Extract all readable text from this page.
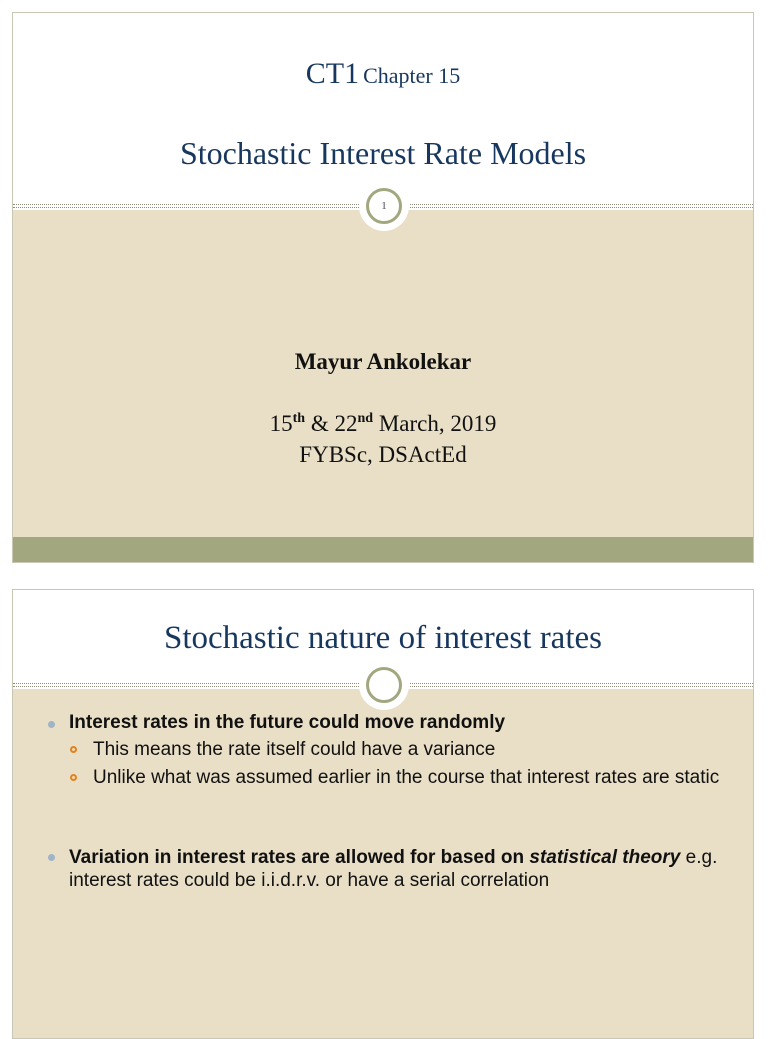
CT1 Chapter 15
Stochastic Interest Rate Models
1
Mayur Ankolekar
15th & 22nd March, 2019
FYBSc, DSActEd
Stochastic nature of interest rates
Interest rates in the future could move randomly
This means the rate itself could have a variance
Unlike what was assumed earlier in the course that interest rates are static
Variation in interest rates are allowed for based on statistical theory e.g. interest rates could be i.i.d.r.v. or have a serial correlation
